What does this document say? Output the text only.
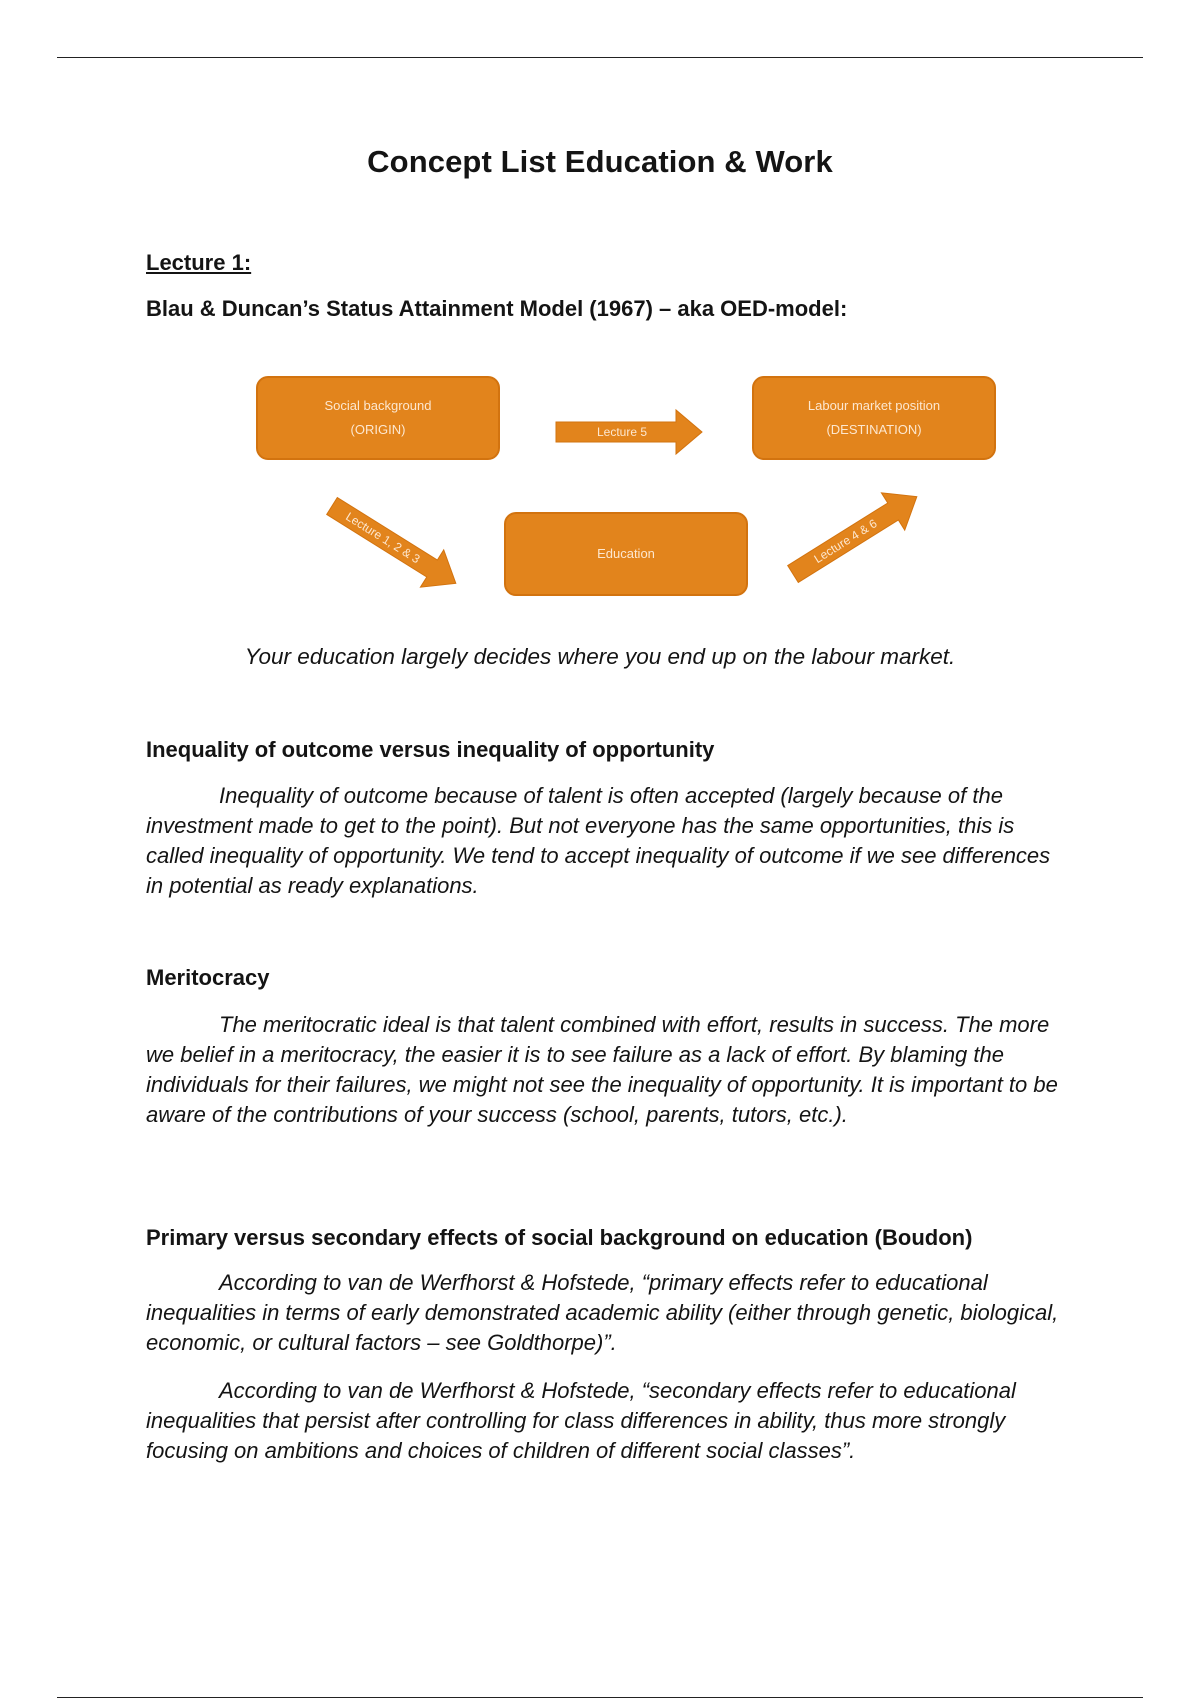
Concept List Education & Work
Lecture 1:
Blau & Duncan’s Status Attainment Model (1967) – aka OED-model:
Lecture 5
Lecture 1, 2 & 3	Lecture 4 & 6
Social background
(ORIGIN)
Labour market position
(DESTINATION)
Education
Your education largely decides where you end up on the labour market.
Inequality of outcome versus inequality of opportunity

Inequality of outcome because of talent is often accepted (largely because of the investment made to get to the point). But not everyone has the same opportunities, this is called inequality of opportunity. We tend to accept inequality of outcome if we see differences in potential as ready explanations.

Meritocracy

The meritocratic ideal is that talent combined with effort, results in success. The more we belief in a meritocracy, the easier it is to see failure as a lack of effort. By blaming the individuals for their failures, we might not see the inequality of opportunity. It is important to be aware of the contributions of your success (school, parents, tutors, etc.).

Primary versus secondary effects of social background on education (Boudon)

According to van de Werfhorst & Hofstede, “primary effects refer to educational inequalities in terms of early demonstrated academic ability (either through genetic, biological, economic, or cultural factors – see Goldthorpe)”.

According to van de Werfhorst & Hofstede, “secondary effects refer to educational inequalities that persist after controlling for class differences in ability, thus more strongly focusing on ambitions and choices of children of different social classes”.
